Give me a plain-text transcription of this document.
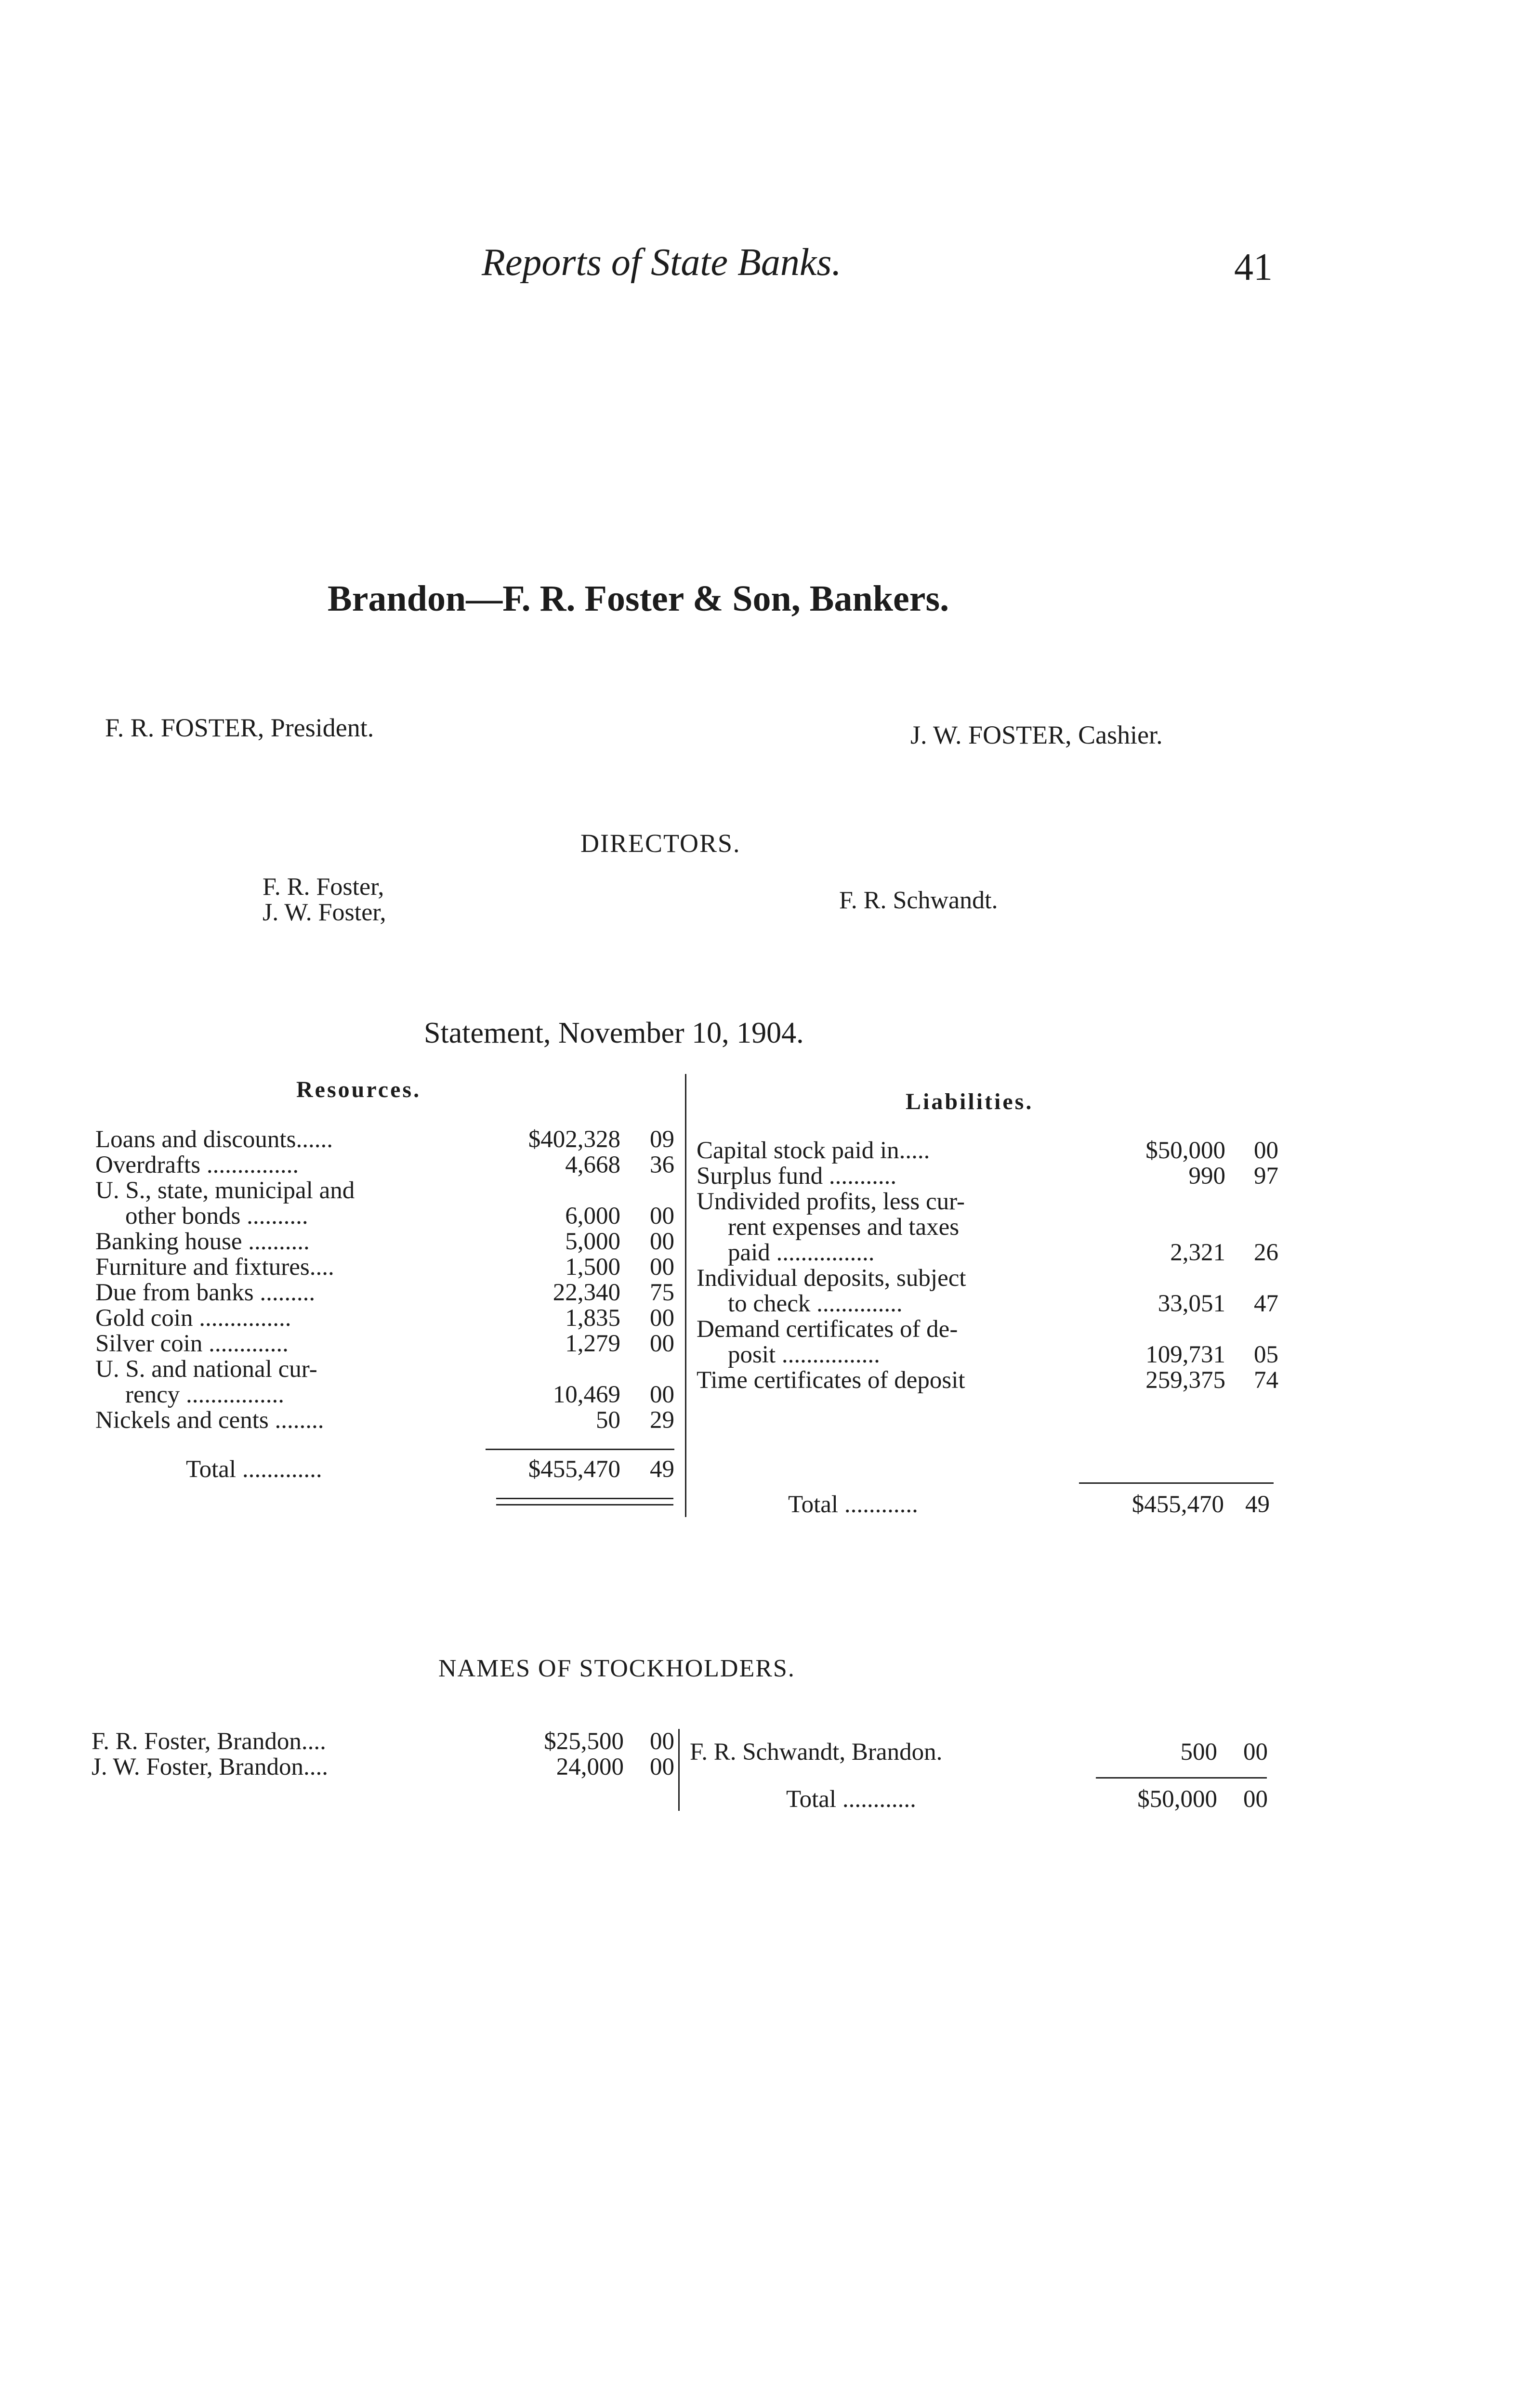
Reports of State Banks.	41
Brandon—F. R. Foster & Son, Bankers.
F. R. FOSTER, President.	J. W. FOSTER, Cashier.
DIRECTORS.
F. R. Foster,
J. W. Foster,	F. R. Schwandt.
Statement, November 10, 1904.
Resources.	Liabilities.
Loans and discounts......	$402,328 09
Overdrafts ...............	4,668 36
U. S., state, municipal and
other bonds ..........	6,000 00
Banking house ..........	5,000 00
Furniture and fixtures....	1,500 00
Due from banks .........	22,340 75
Gold coin ...............	1,835 00
Silver coin .............	1,279 00
U. S. and national cur-
rency ................	10,469 00
Nickels and cents ........	50 29
Total .............	$455,470 49
Capital stock paid in.....	$50,000 00
Surplus fund ...........	990 97
Undivided profits, less cur-
rent expenses and taxes
paid ................	2,321 26
Individual deposits, subject
to check ..............	33,051 47
Demand certificates of de-
posit ................	109,731 05
Time certificates of deposit	259,375 74
Total ............	$455,470 49
NAMES OF STOCKHOLDERS.
F. R. Foster, Brandon....	$25,500 00
J. W. Foster, Brandon....	24,000 00
F. R. Schwandt, Brandon.	500 00
Total ............	$50,000 00
